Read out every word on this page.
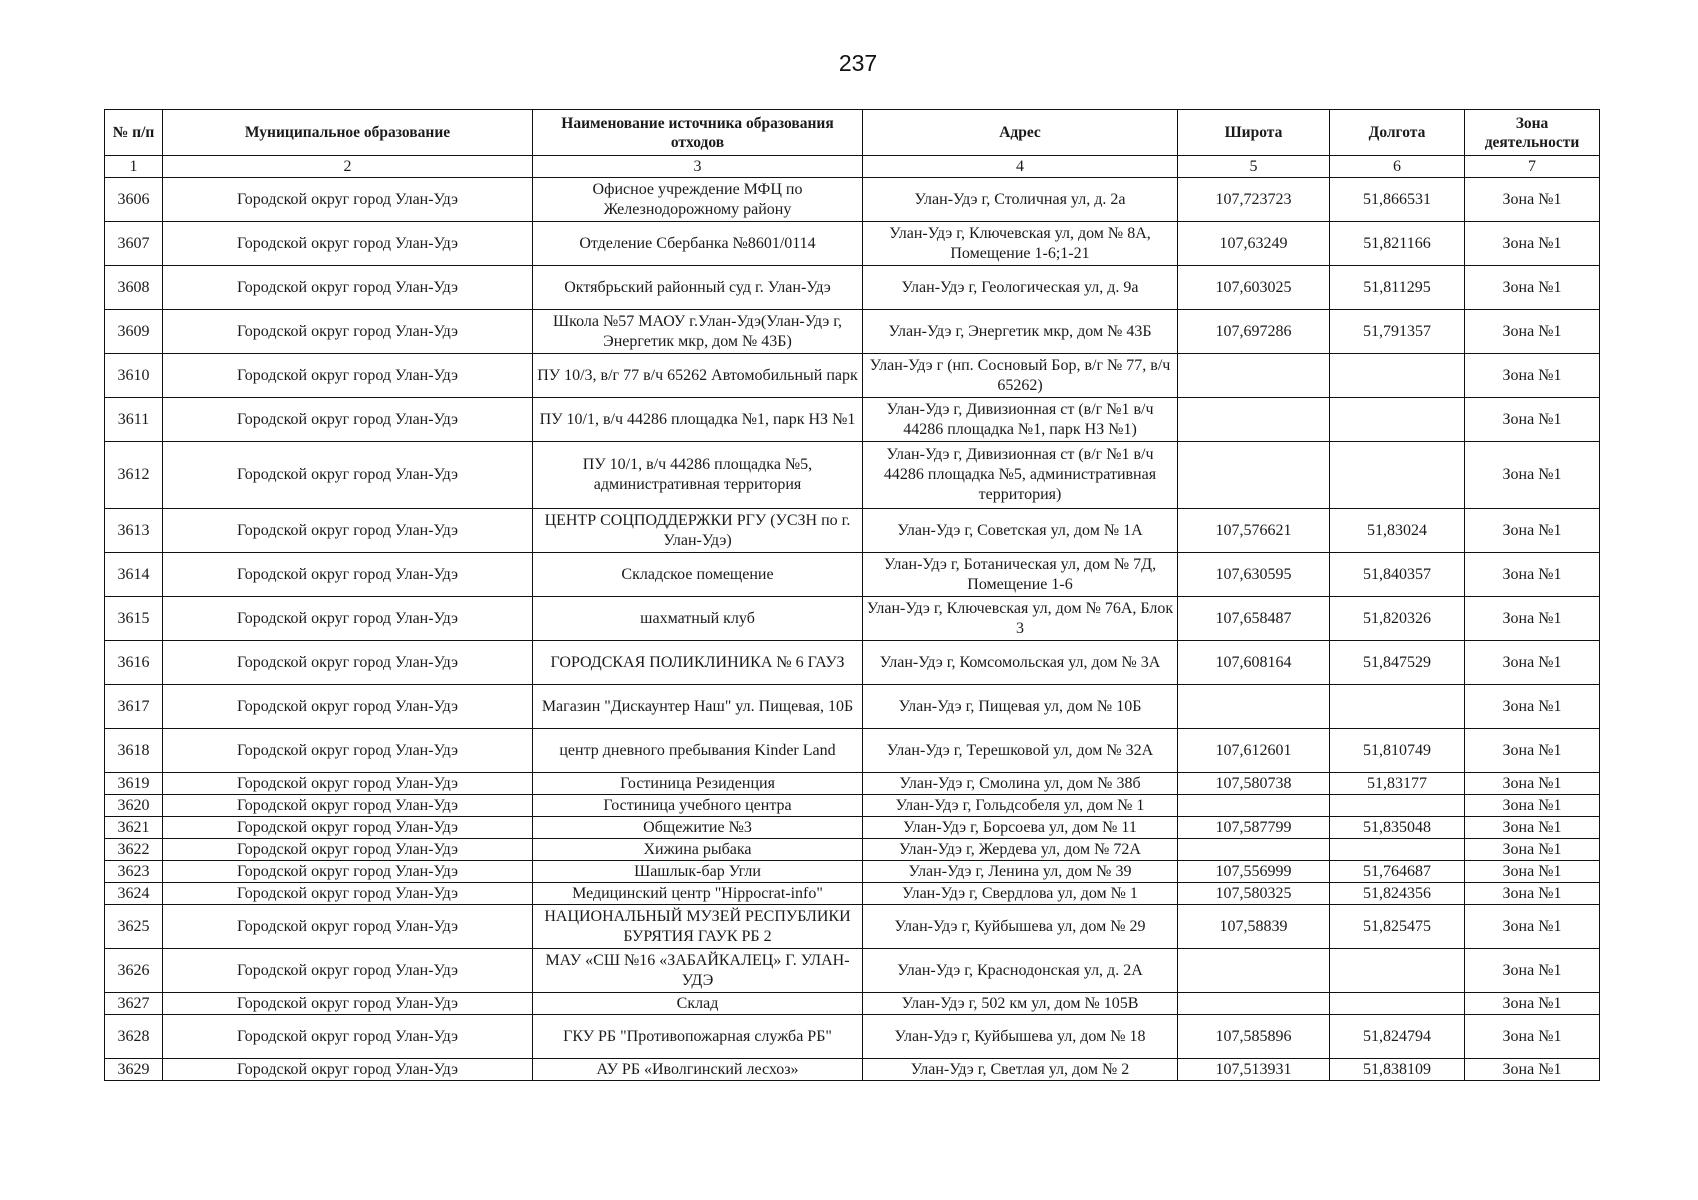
237
№ п/п	Муниципальное образование	Наименование источника образования отходов	Адрес	Широта	Долгота	Зона деятельности
1	2	3	4	5	6	7
3606	Городской округ город Улан-Удэ	Офисное учреждение МФЦ по Железнодорожному району	Улан-Удэ г, Столичная ул, д. 2а	107,723723	51,866531	Зона №1
3607	Городской округ город Улан-Удэ	Отделение Сбербанка №8601/0114	Улан-Удэ г, Ключевская ул, дом № 8А, Помещение 1-6;1-21	107,63249	51,821166	Зона №1
3608	Городской округ город Улан-Удэ	Октябрьский районный суд г. Улан-Удэ	Улан-Удэ г, Геологическая ул, д. 9а	107,603025	51,811295	Зона №1
3609	Городской округ город Улан-Удэ	Школа №57 МАОУ г.Улан-Удэ(Улан-Удэ г, Энергетик мкр, дом № 43Б)	Улан-Удэ г, Энергетик мкр, дом № 43Б	107,697286	51,791357	Зона №1
3610	Городской округ город Улан-Удэ	ПУ 10/3, в/г 77 в/ч 65262 Автомобильный парк	Улан-Удэ г (нп. Сосновый Бор, в/г № 77, в/ч 65262)			Зона №1
3611	Городской округ город Улан-Удэ	ПУ 10/1, в/ч 44286 площадка №1, парк НЗ №1	Улан-Удэ г, Дивизионная ст (в/г №1 в/ч 44286 площадка №1, парк НЗ №1)			Зона №1
3612	Городской округ город Улан-Удэ	ПУ 10/1, в/ч 44286 площадка №5, административная территория	Улан-Удэ г, Дивизионная ст (в/г №1 в/ч 44286 площадка №5, административная территория)			Зона №1
3613	Городской округ город Улан-Удэ	ЦЕНТР СОЦПОДДЕРЖКИ РГУ (УСЗН по г. Улан-Удэ)	Улан-Удэ г, Советская ул, дом № 1А	107,576621	51,83024	Зона №1
3614	Городской округ город Улан-Удэ	Складское помещение	Улан-Удэ г, Ботаническая ул, дом № 7Д, Помещение 1-6	107,630595	51,840357	Зона №1
3615	Городской округ город Улан-Удэ	шахматный клуб	Улан-Удэ г, Ключевская ул, дом № 76А, Блок 3	107,658487	51,820326	Зона №1
3616	Городской округ город Улан-Удэ	ГОРОДСКАЯ ПОЛИКЛИНИКА № 6 ГАУЗ	Улан-Удэ г, Комсомольская ул, дом № 3А	107,608164	51,847529	Зона №1
3617	Городской округ город Улан-Удэ	Магазин "Дискаунтер Наш" ул. Пищевая, 10Б	Улан-Удэ г, Пищевая ул, дом № 10Б			Зона №1
3618	Городской округ город Улан-Удэ	центр дневного пребывания Kinder Land	Улан-Удэ г, Терешковой ул, дом № 32А	107,612601	51,810749	Зона №1
3619	Городской округ город Улан-Удэ	Гостиница Резиденция	Улан-Удэ г, Смолина ул, дом № 38б	107,580738	51,83177	Зона №1
3620	Городской округ город Улан-Удэ	Гостиница учебного центра	Улан-Удэ г, Гольдсобеля ул, дом № 1			Зона №1
3621	Городской округ город Улан-Удэ	Общежитие №3	Улан-Удэ г, Борсоева ул, дом № 11	107,587799	51,835048	Зона №1
3622	Городской округ город Улан-Удэ	Хижина рыбака	Улан-Удэ г, Жердева ул, дом № 72А			Зона №1
3623	Городской округ город Улан-Удэ	Шашлык-бар Угли	Улан-Удэ г, Ленина ул, дом № 39	107,556999	51,764687	Зона №1
3624	Городской округ город Улан-Удэ	Медицинский центр "Hippocrat-info"	Улан-Удэ г, Свердлова ул, дом № 1	107,580325	51,824356	Зона №1
3625	Городской округ город Улан-Удэ	НАЦИОНАЛЬНЫЙ МУЗЕЙ РЕСПУБЛИКИ БУРЯТИЯ ГАУК РБ 2	Улан-Удэ г, Куйбышева ул, дом № 29	107,58839	51,825475	Зона №1
3626	Городской округ город Улан-Удэ	МАУ «СШ №16 «ЗАБАЙКАЛЕЦ» Г. УЛАН-УДЭ	Улан-Удэ г, Краснодонская ул, д. 2А			Зона №1
3627	Городской округ город Улан-Удэ	Склад	Улан-Удэ г, 502 км ул, дом № 105В			Зона №1
3628	Городской округ город Улан-Удэ	ГКУ РБ "Противопожарная служба РБ"	Улан-Удэ г, Куйбышева ул, дом № 18	107,585896	51,824794	Зона №1
3629	Городской округ город Улан-Удэ	АУ РБ «Иволгинский лесхоз»	Улан-Удэ г, Светлая ул, дом № 2	107,513931	51,838109	Зона №1
